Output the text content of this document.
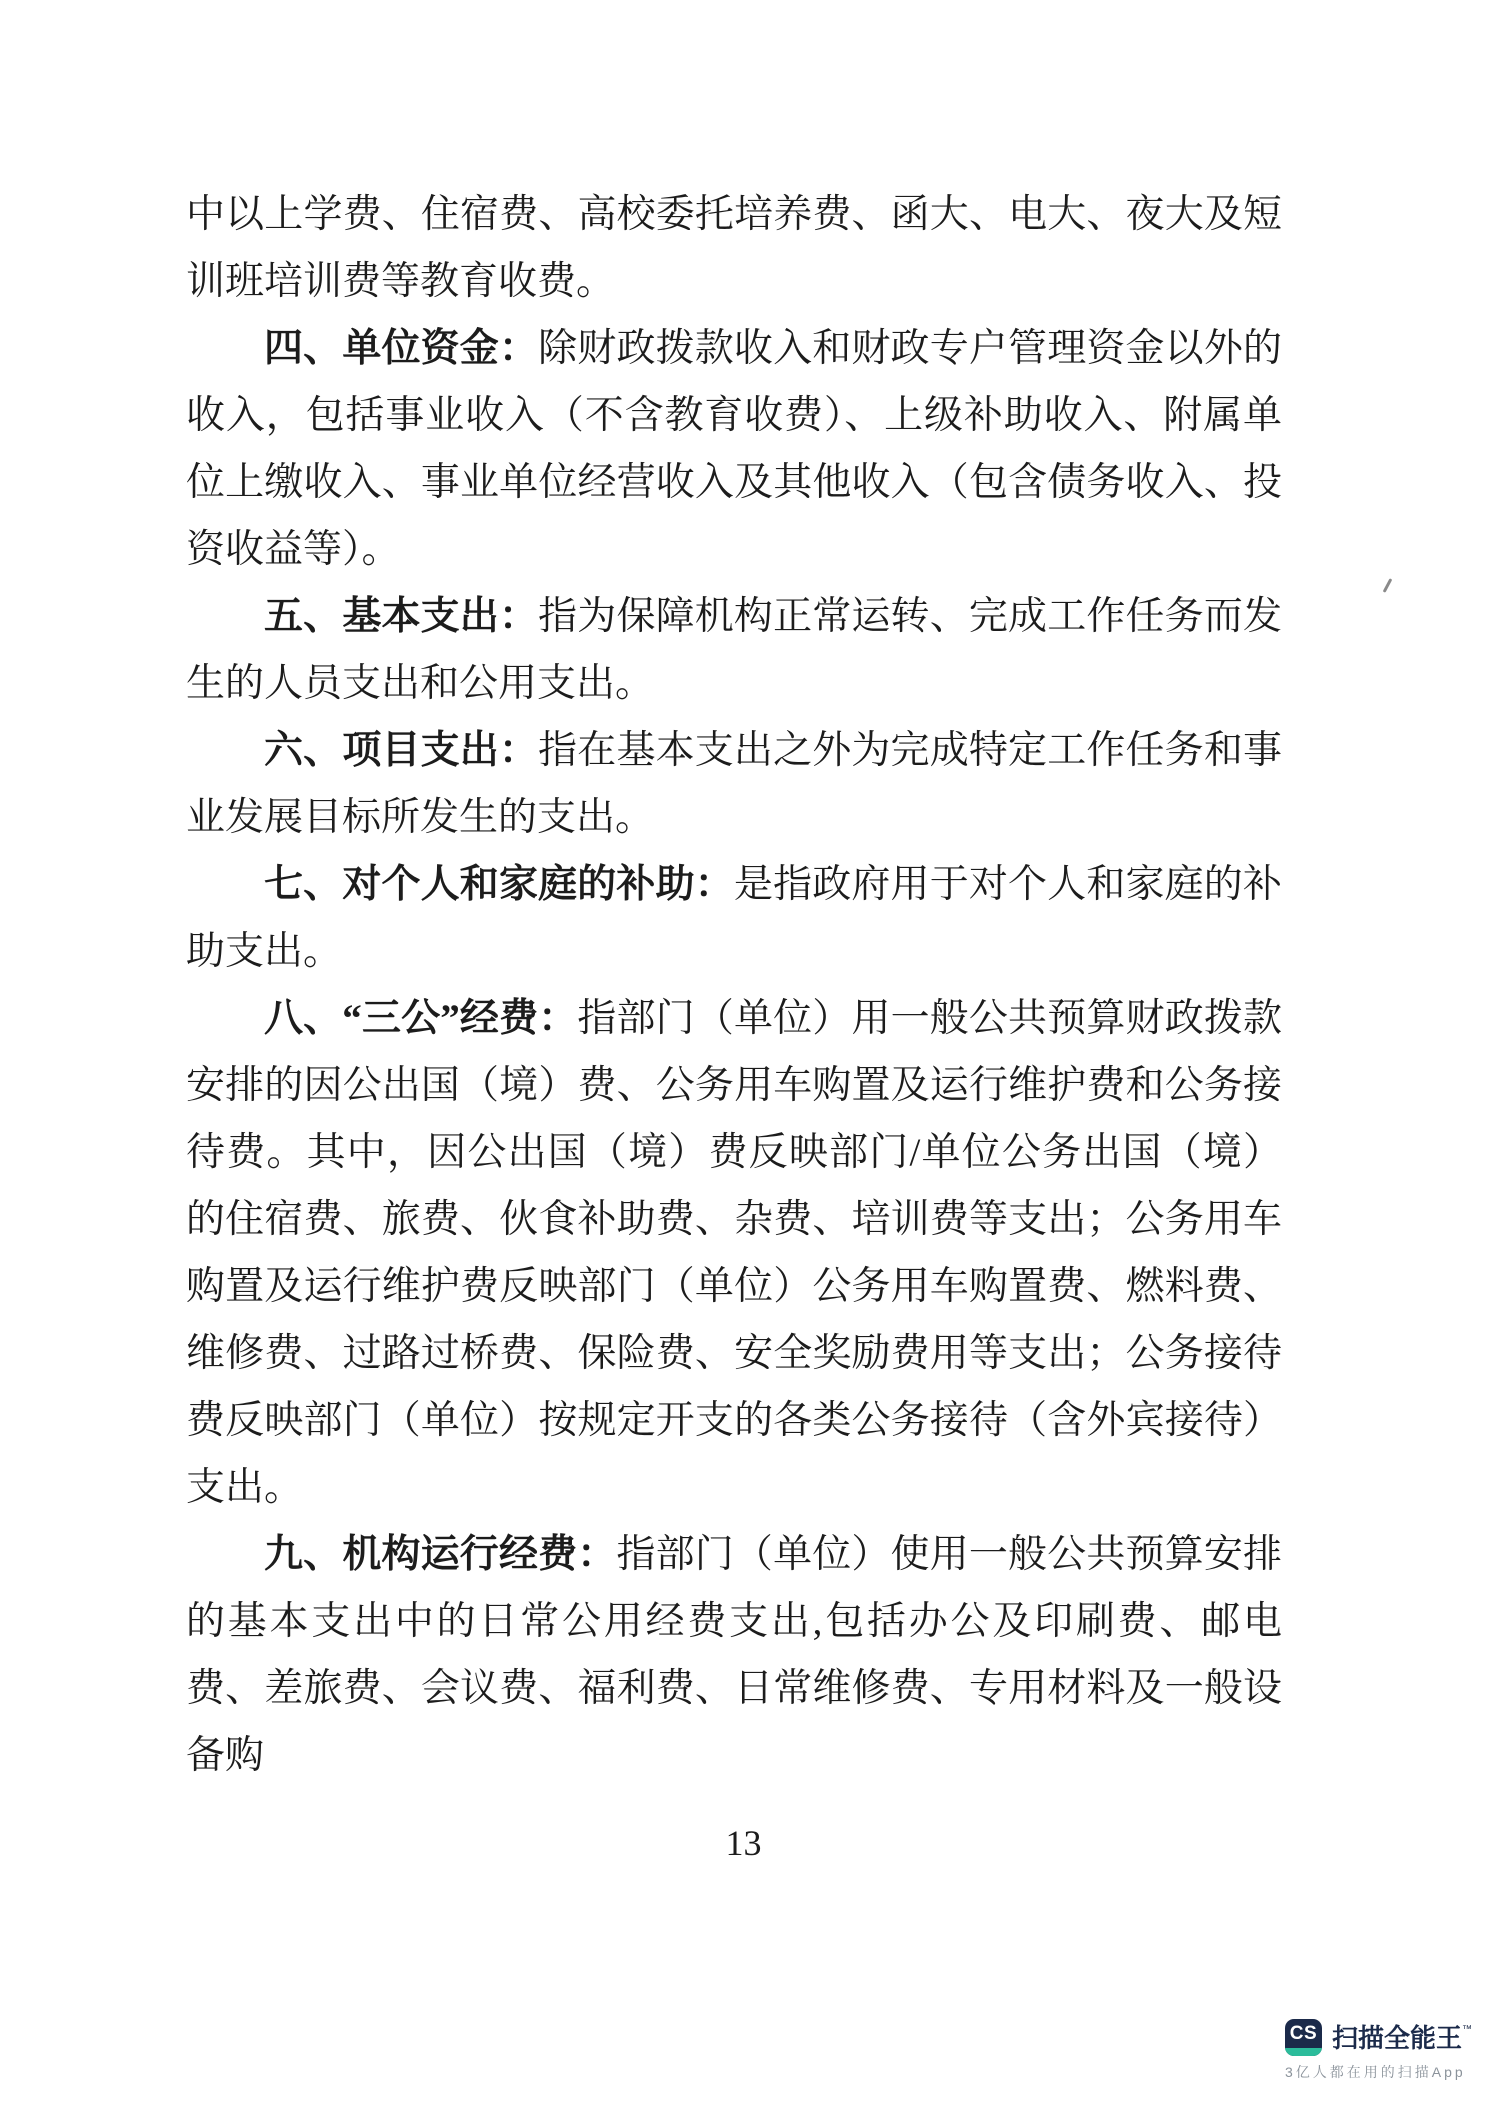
中以上学费、住宿费、高校委托培养费、函大、电大、夜大及短训班培训费等教育收费。

四、单位资金：除财政拨款收入和财政专户管理资金以外的收入，包括事业收入（不含教育收费）、上级补助收入、附属单位上缴收入、事业单位经营收入及其他收入（包含债务收入、投资收益等）。

五、基本支出：指为保障机构正常运转、完成工作任务而发生的人员支出和公用支出。

六、项目支出：指在基本支出之外为完成特定工作任务和事业发展目标所发生的支出。

七、对个人和家庭的补助：是指政府用于对个人和家庭的补助支出。

八、“三公”经费：指部门（单位）用一般公共预算财政拨款安排的因公出国（境）费、公务用车购置及运行维护费和公务接待费。其中，因公出国（境）费反映部门/单位公务出国（境）的住宿费、旅费、伙食补助费、杂费、培训费等支出；公务用车购置及运行维护费反映部门（单位）公务用车购置费、燃料费、维修费、过路过桥费、保险费、安全奖励费用等支出；公务接待费反映部门（单位）按规定开支的各类公务接待（含外宾接待）支出。

九、机构运行经费：指部门（单位）使用一般公共预算安排的基本支出中的日常公用经费支出,包括办公及印刷费、邮电费、差旅费、会议费、福利费、日常维修费、专用材料及一般设备购

13
CS 扫描全能王™
3亿人都在用的扫描App
